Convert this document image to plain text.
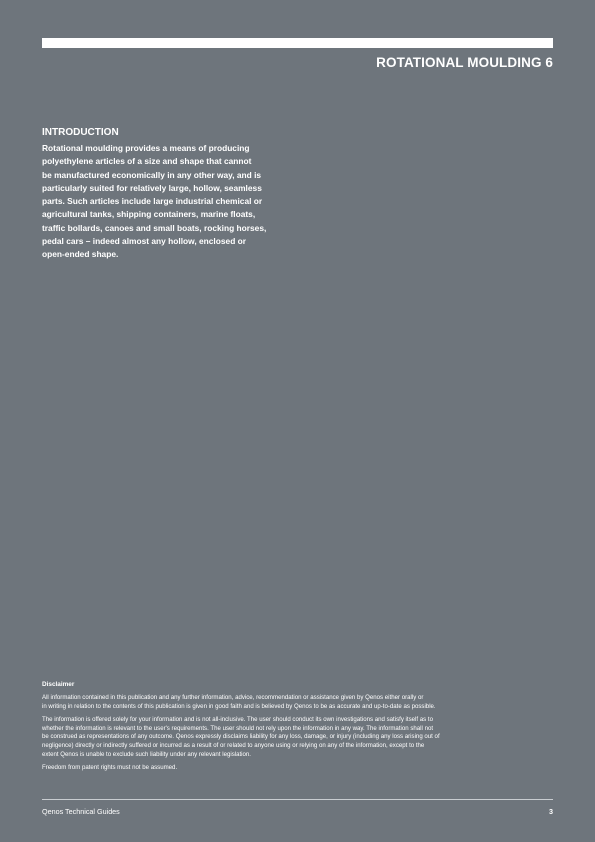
ROTATIONAL MOULDING 6
INTRODUCTION

Rotational moulding provides a means of producing
polyethylene articles of a size and shape that cannot
be manufactured economically in any other way, and is
particularly suited for relatively large, hollow, seamless
parts. Such articles include large industrial chemical or
agricultural tanks, shipping containers, marine floats,
traffic bollards, canoes and small boats, rocking horses,
pedal cars – indeed almost any hollow, enclosed or
open-ended shape.

Disclaimer

All information contained in this publication and any further information, advice, recommendation or assistance given by Qenos either orally or
in writing in relation to the contents of this publication is given in good faith and is believed by Qenos to be as accurate and up-to-date as possible.

The information is offered solely for your information and is not all-inclusive. The user should conduct its own investigations and satisfy itself as to
whether the information is relevant to the user's requirements. The user should not rely upon the information in any way. The information shall not
be construed as representations of any outcome. Qenos expressly disclaims liability for any loss, damage, or injury (including any loss arising out of
negligence) directly or indirectly suffered or incurred as a result of or related to anyone using or relying on any of the information, except to the
extent Qenos is unable to exclude such liability under any relevant legislation.

Freedom from patent rights must not be assumed.

Qenos Technical Guides	3
